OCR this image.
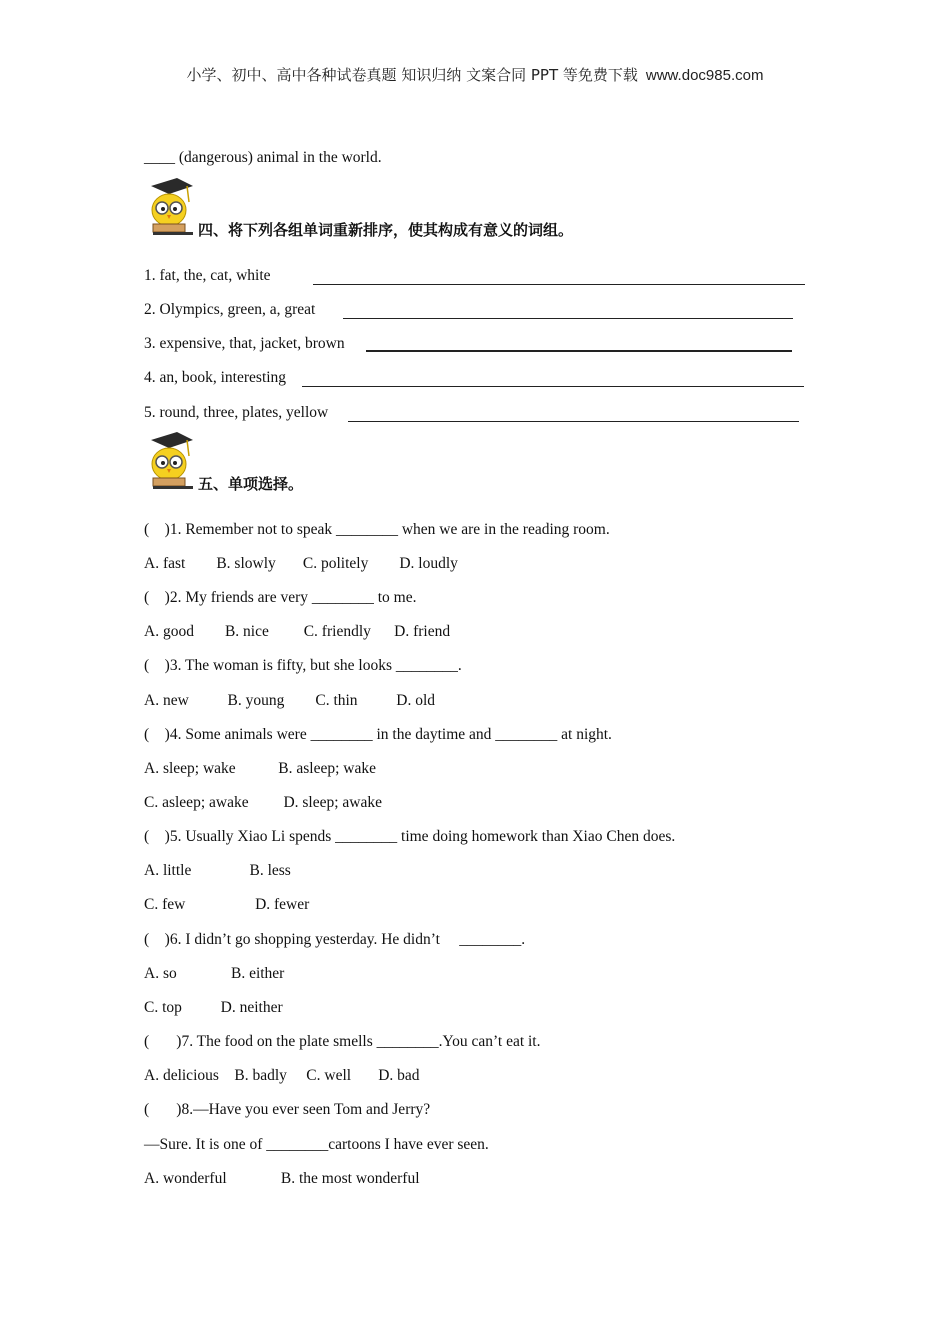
小学、初中、高中各种试卷真题 知识归纳 文案合同 PPT 等免费下载 www.doc985.com
____ (dangerous) animal in the world.
四、将下列各组单词重新排序，使其构成有意义的词组。
1. fat, the, cat, white
2. Olympics, green, a, great
3. expensive, that, jacket, brown
4. an, book, interesting
5. round, three, plates, yellow
五、单项选择。
(    )1. Remember not to speak ________ when we are in the reading room.
A. fast        B. slowly       C. politely        D. loudly
(    )2. My friends are very ________ to me.
A. good        B. nice         C. friendly      D. friend
(    )3. The woman is fifty, but she looks ________.
A. new          B. young        C. thin          D. old
(    )4. Some animals were ________ in the daytime and ________ at night.
A. sleep; wake           B. asleep; wake
C. asleep; awake         D. sleep; awake
(    )5. Usually Xiao Li spends ________ time doing homework than Xiao Chen does.
A. little               B. less
C. few                  D. fewer
(    )6. I didn’t go shopping yesterday. He didn’t     ________.
A. so              B. either
C. top          D. neither
(       )7. The food on the plate smells ________.You can’t eat it.
A. delicious    B. badly     C. well       D. bad
(       )8.—Have you ever seen Tom and Jerry?
—Sure. It is one of ________cartoons I have ever seen.
A. wonderful              B. the most wonderful
